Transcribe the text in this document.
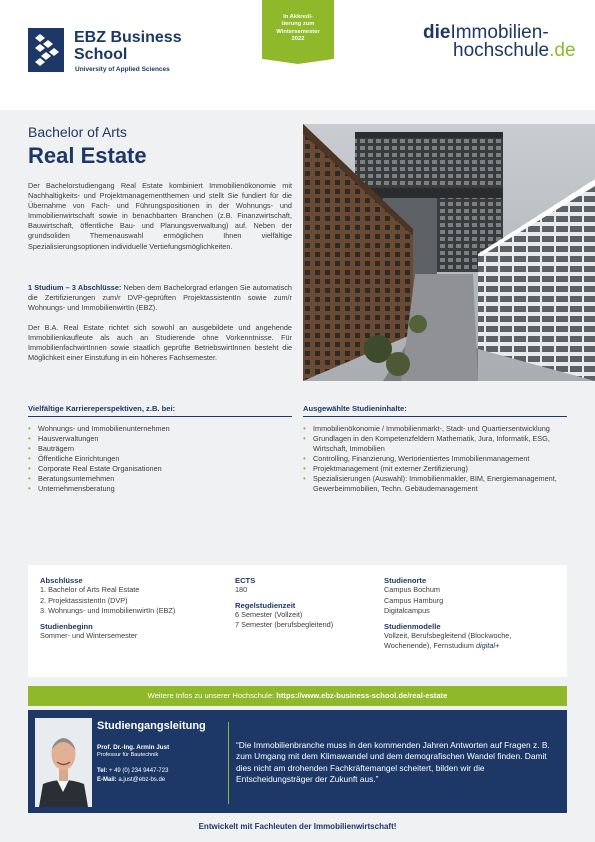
EBZ Business
School
University of Applied Sciences
In Akkredi-
tierung zum
Wintersemester
2022	dieImmobilien-
hochschule.de
Bachelor of Arts
Real Estate

Der Bachelorstudiengang Real Estate kombiniert Immobilienökonomie mit Nachhaltigkeits- und Projektmanagementthemen und stellt Sie fundiert für die Übernahme von Fach- und Führungspositionen in der Wohnungs- und Immobilienwirtschaft sowie in benachbarten Branchen (z.B. Finanzwirtschaft, Bauwirtschaft, öffentliche Bau- und Planungsverwaltung) auf. Neben der grundsoliden Themenauswahl ermöglichen Ihnen vielfältige Spezialisierungsoptionen individuelle Vertiefungsmöglichkeiten.

1 Studium – 3 Abschlüsse: Neben dem Bachelorgrad erlangen Sie automatisch die Zertifizierungen zum/r DVP-geprüften ProjektassistentIn sowie zum/r Wohnungs- und ImmobilienwirtIn (EBZ).

Der B.A. Real Estate richtet sich sowohl an ausgebildete und angehende Immobilienkaufleute als auch an Studierende ohne Vorkenntnisse. Für ImmobilienfachwirtInnen sowie staatlich geprüfte BetriebswirtInnen besteht die Möglichkeit einer Einstufung in ein höheres Fachsemester.

Vielfältige Karriereperspektiven, z.B. bei:
• Wohnungs- und Immobilienunternehmen
• Hausverwaltungen
• Bauträgern
• Öffentliche Einrichtungen
• Corporate Real Estate Organisationen
• Beratungsunternehmen
• Unternehmensberatung
Ausgewählte Studieninhalte:
• Immobilienökonomie / Immobilienmarkt-, Stadt- und Quartiersentwicklung
• Grundlagen in den Kompetenzfeldern Mathematik, Jura, Informatik, ESG, Wirtschaft, Immobilien
• Controlling, Finanzierung, Wertorientiertes Immobilienmanagement
• Projektmanagement (mit externer Zertifizierung)
• Spezialisierungen (Auswahl): Immobilienmakler, BIM, Energiemanagement, Gewerbeimmobilien, Techn. Gebäudemanagement
Abschlüsse
1. Bachelor of Arts Real Estate
2. ProjektassistentIn (DVP)
3. Wohnungs- und ImmobilienwirtIn (EBZ)
Studienbeginn
Sommer- und Wintersemester
ECTS
180
Regelstudienzeit
6 Semester (Vollzeit)
7 Semester (berufsbegleitend)
Studienorte
Campus Bochum
Campus Hamburg
Digitalcampus
Studienmodelle
Vollzeit, Berufsbegleitend (Blockwoche,
Wochenende), Fernstudium digital+
Weitere Infos zu unserer Hochschule: https://www.ebz-business-school.de/real-estate
Studiengangsleitung
Prof. Dr.-Ing. Armin Just
Professur für Bautechnik
Tel: + 49 (0) 234 9447-723
E-Mail: a.just@ebz-bs.de
“Die Immobilienbranche muss in den kommenden Jahren Antworten auf Fragen z. B. zum Umgang mit dem Klimawandel und dem demografischen Wandel finden. Damit dies nicht am drohenden Fachkräftemangel scheitert, bilden wir die Entscheidungsträger der Zukunft aus.”
Entwickelt mit Fachleuten der Immobilienwirtschaft!
